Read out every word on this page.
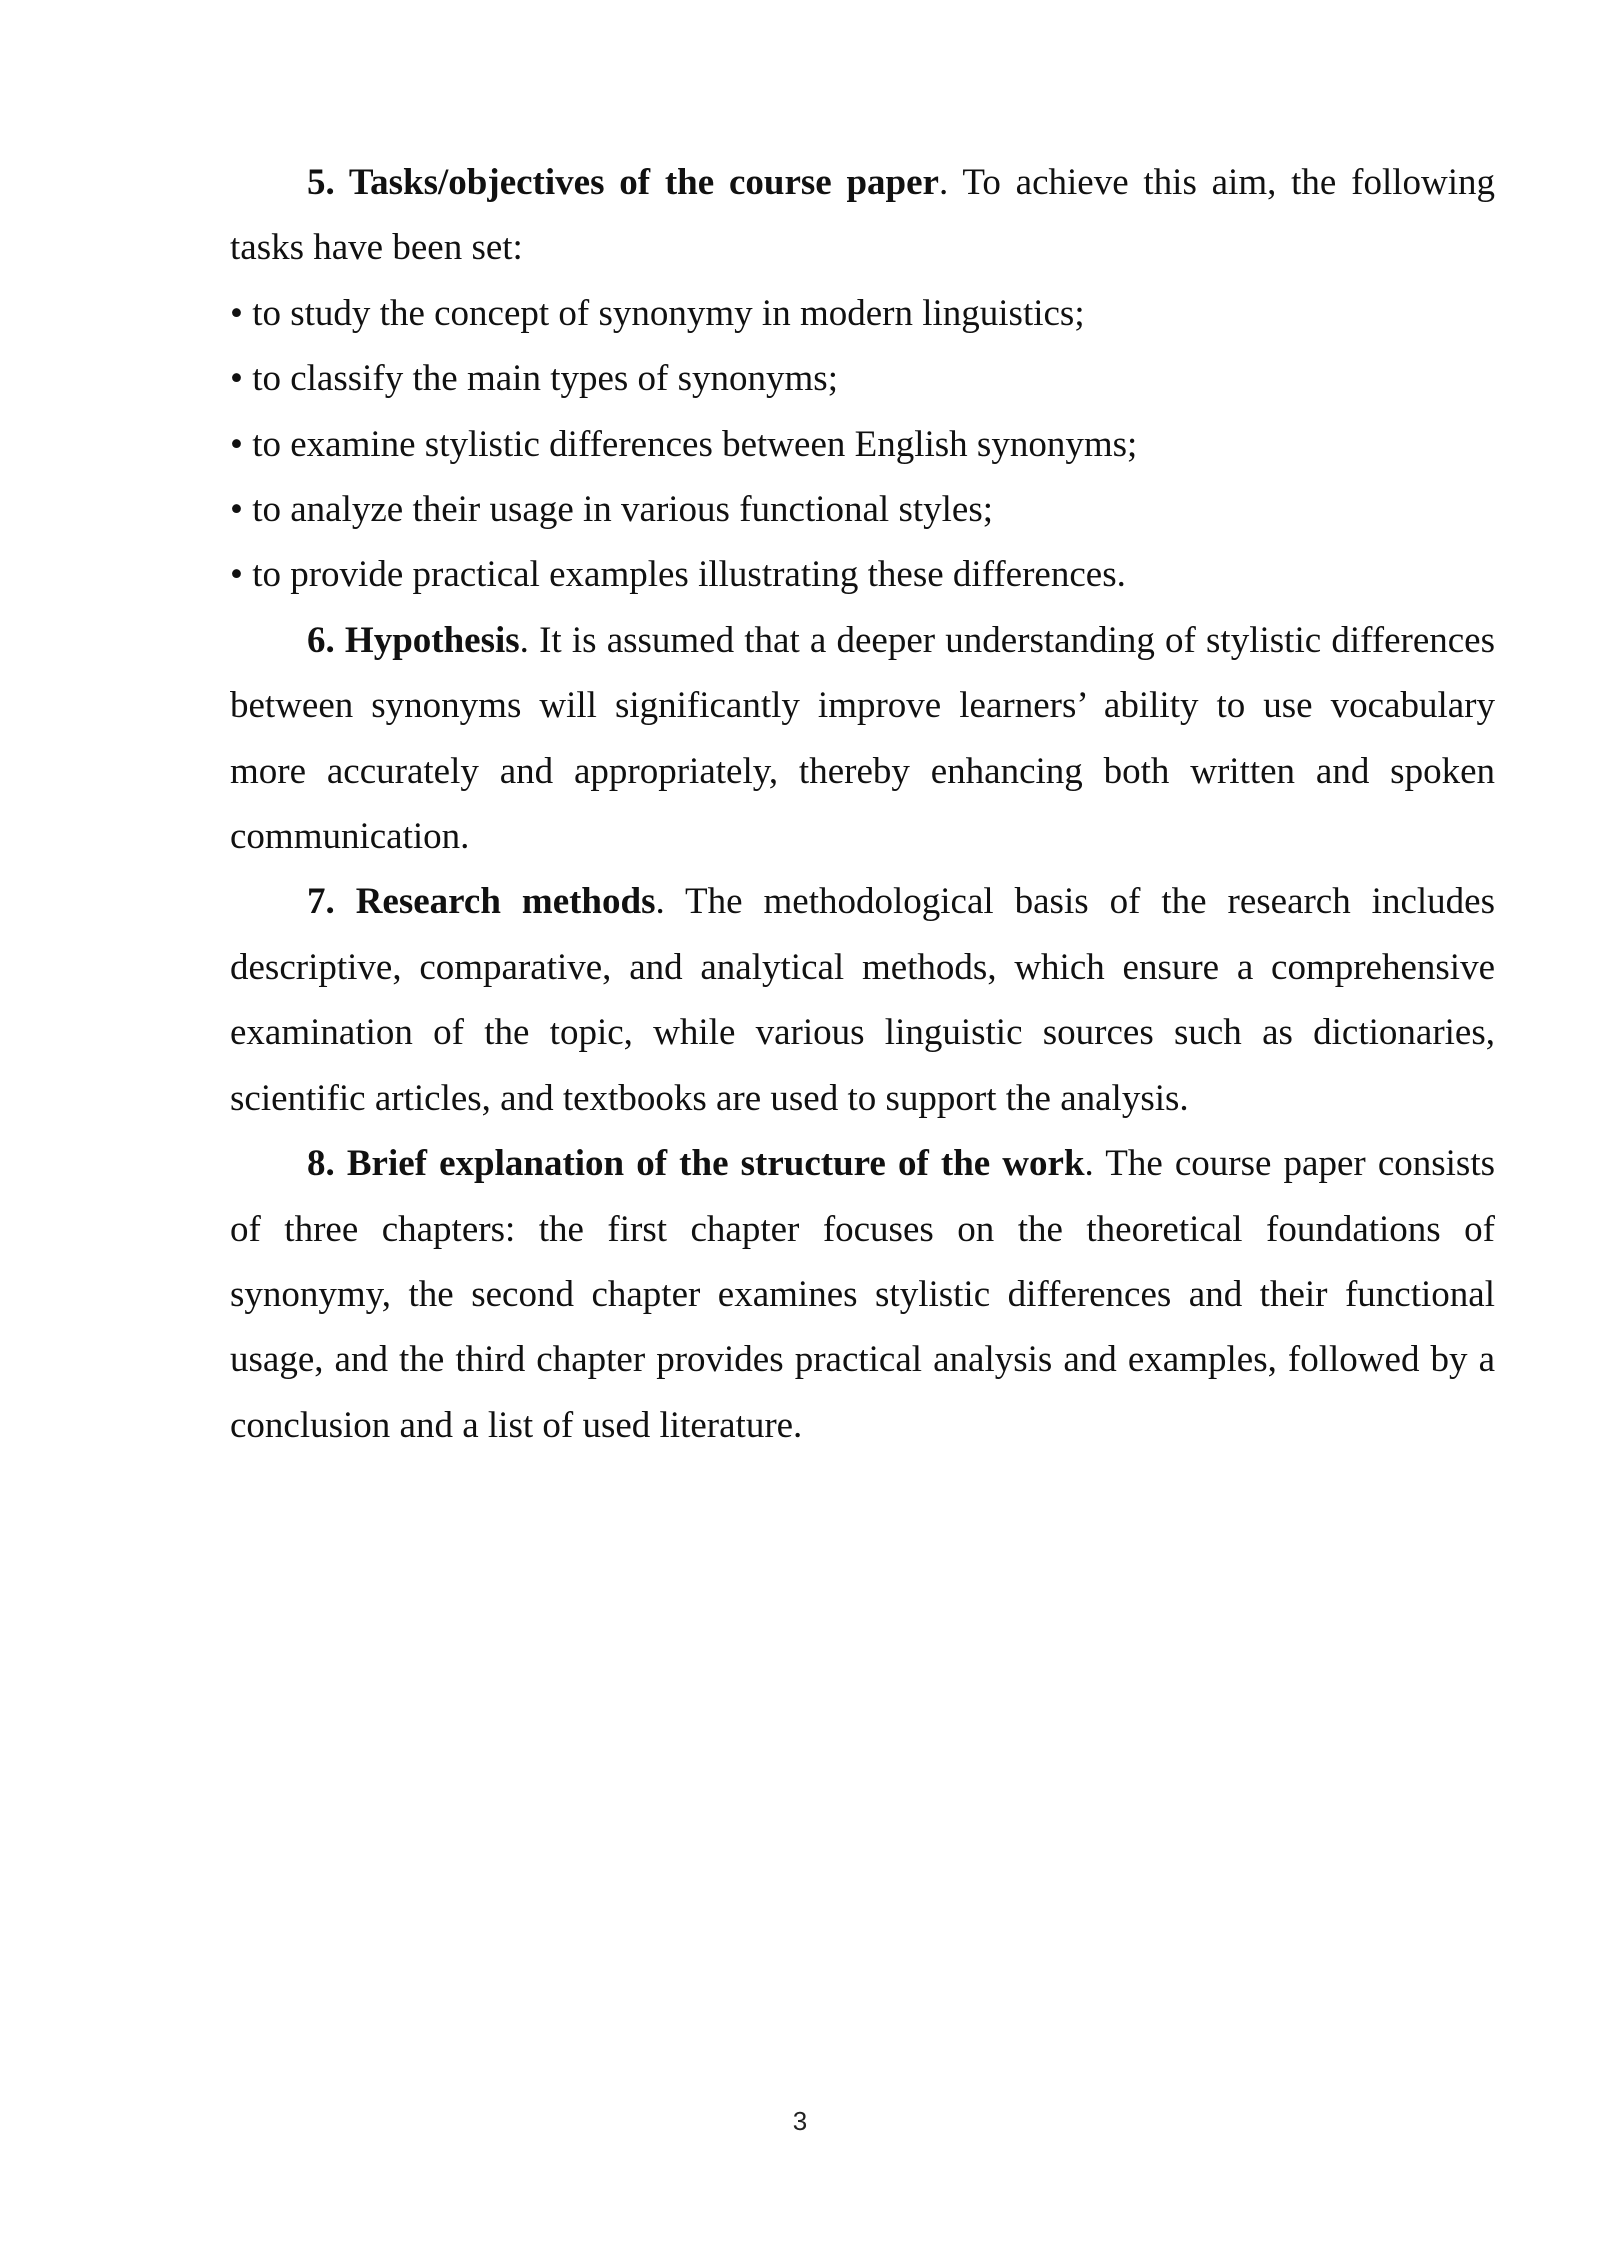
5. Tasks/objectives of the course paper. To achieve this aim, the following tasks have been set:

• to study the concept of synonymy in modern linguistics;
• to classify the main types of synonyms;
• to examine stylistic differences between English synonyms;
• to analyze their usage in various functional styles;
• to provide practical examples illustrating these differences.

6. Hypothesis. It is assumed that a deeper understanding of stylistic differences between synonyms will significantly improve learners’ ability to use vocabulary more accurately and appropriately, thereby enhancing both written and spoken communication.

7. Research methods. The methodological basis of the research includes descriptive, comparative, and analytical methods, which ensure a comprehensive examination of the topic, while various linguistic sources such as dictionaries, scientific articles, and textbooks are used to support the analysis.

8. Brief explanation of the structure of the work. The course paper consists of three chapters: the first chapter focuses on the theoretical foundations of synonymy, the second chapter examines stylistic differences and their functional usage, and the third chapter provides practical analysis and examples, followed by a conclusion and a list of used literature.

3
